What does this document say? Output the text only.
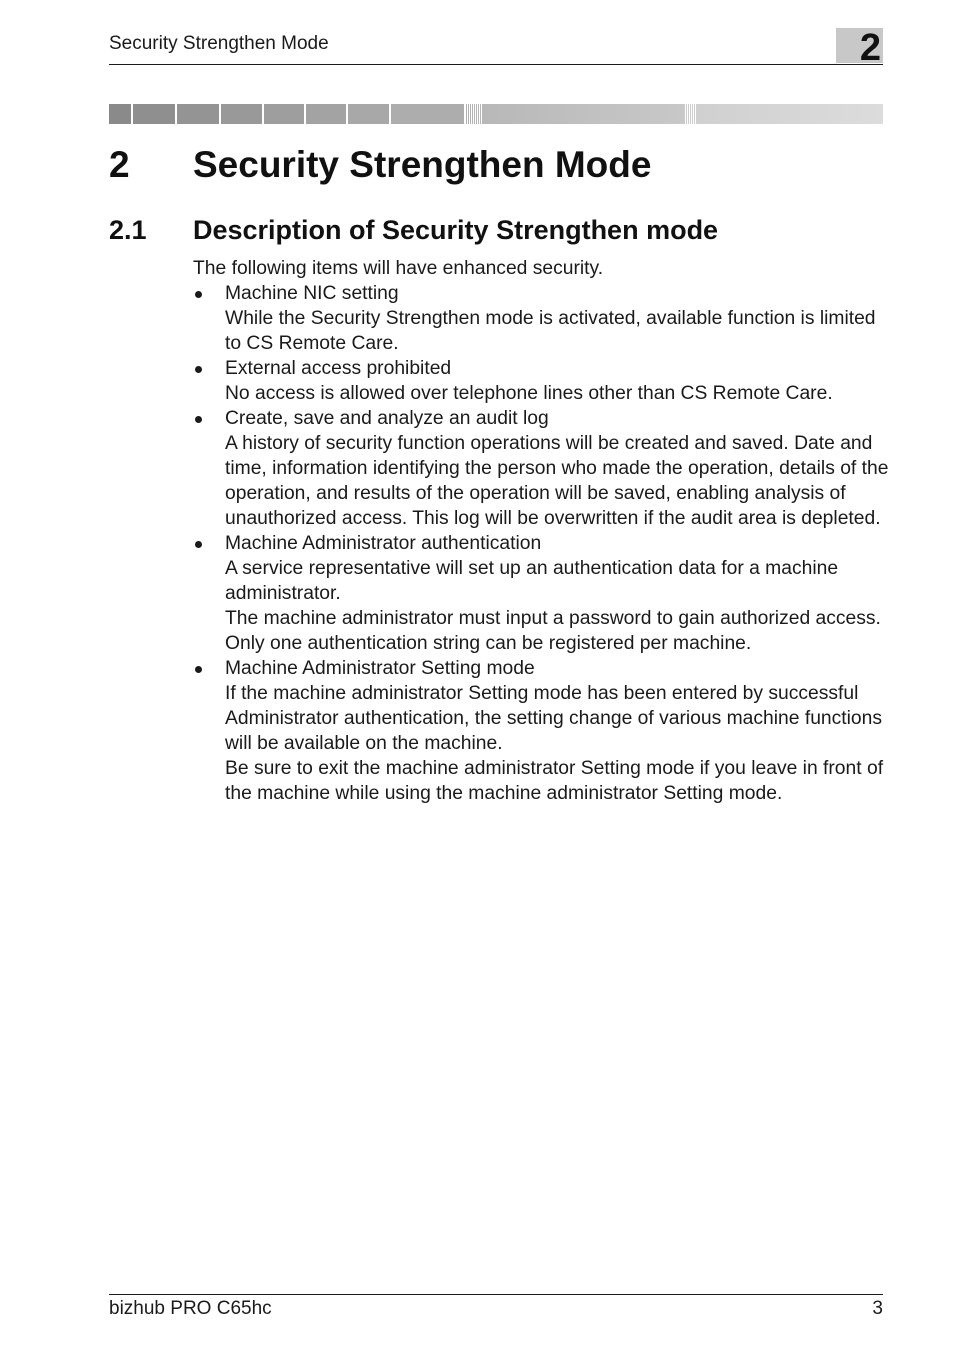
Security Strengthen Mode	2
2 Security Strengthen Mode
2.1 Description of Security Strengthen mode

The following items will have enhanced security.

Machine NIC setting

While the Security Strengthen mode is activated, available function is limited to CS Remote Care.

External access prohibited

No access is allowed over telephone lines other than CS Remote Care.

Create, save and analyze an audit log

A history of security function operations will be created and saved. Date and time, information identifying the person who made the operation, details of the operation, and results of the operation will be saved, enabling analysis of unauthorized access. This log will be overwritten if the audit area is depleted.

Machine Administrator authentication

A service representative will set up an authentication data for a machine administrator.

The machine administrator must input a password to gain authorized access. Only one authentication string can be registered per machine.

Machine Administrator Setting mode

If the machine administrator Setting mode has been entered by successful Administrator authentication, the setting change of various machine functions will be available on the machine.

Be sure to exit the machine administrator Setting mode if you leave in front of the machine while using the machine administrator Setting mode.

bizhub PRO C65hc	3
